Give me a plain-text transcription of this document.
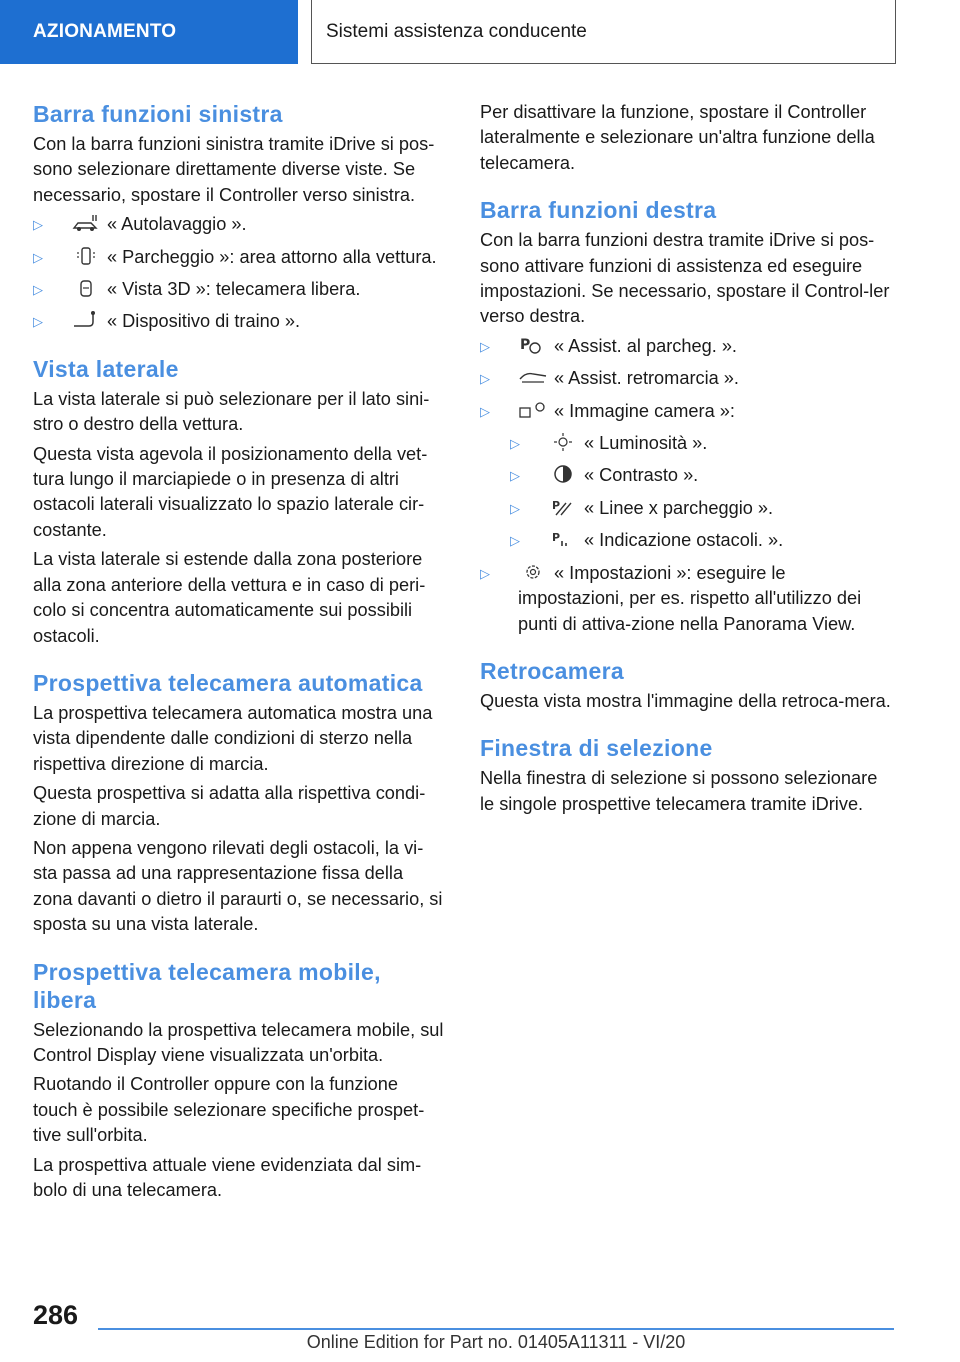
AZIONAMENTO	Sistemi assistenza conducente
Barra funzioni sinistra

Con la barra funzioni sinistra tramite iDrive si pos-sono selezionare direttamente diverse viste. Se necessario, spostare il Controller verso sinistra.

▷	« Autolavaggio ».
▷	« Parcheggio »: area attorno alla vettura.
▷	« Vista 3D »: telecamera libera.
▷	« Dispositivo di traino ».
Vista laterale

La vista laterale si può selezionare per il lato sini-stro o destro della vettura.

Questa vista agevola il posizionamento della vet-tura lungo il marciapiede o in presenza di altri ostacoli laterali visualizzato lo spazio laterale cir-costante.

La vista laterale si estende dalla zona posteriore alla zona anteriore della vettura e in caso di peri-colo si concentra automaticamente sui possibili ostacoli.

Prospettiva telecamera automatica

La prospettiva telecamera automatica mostra una vista dipendente dalle condizioni di sterzo nella rispettiva direzione di marcia.

Questa prospettiva si adatta alla rispettiva condi-zione di marcia.

Non appena vengono rilevati degli ostacoli, la vi-sta passa ad una rappresentazione fissa della zona davanti o dietro il paraurti o, se necessario, si sposta su una vista laterale.

Prospettiva telecamera mobile, libera

Selezionando la prospettiva telecamera mobile, sul Control Display viene visualizzata un'orbita.

Ruotando il Controller oppure con la funzione touch è possibile selezionare specifiche prospet-tive sull'orbita.

La prospettiva attuale viene evidenziata dal sim-bolo di una telecamera.

Per disattivare la funzione, spostare il Controller lateralmente e selezionare un'altra funzione della telecamera.

Barra funzioni destra

Con la barra funzioni destra tramite iDrive si pos-sono attivare funzioni di assistenza ed eseguire impostazioni. Se necessario, spostare il Control-ler verso destra.

▷ P « Assist. al parcheg. ».
▷	« Assist. retromarcia ».
▷	« Immagine camera »:
▷	« Luminosità ».
▷	« Contrasto ».
▷	P « Linee x parcheggio ».
▷	P « Indicazione ostacoli. ».
▷	« Impostazioni »: eseguire le impostazioni, per es. rispetto all'utilizzo dei punti di attiva-zione nella Panorama View.
Retrocamera

Questa vista mostra l'immagine della retroca-mera.

Finestra di selezione

Nella finestra di selezione si possono selezionare le singole prospettive telecamera tramite iDrive.

286
Online Edition for Part no. 01405A11311 - VI/20
